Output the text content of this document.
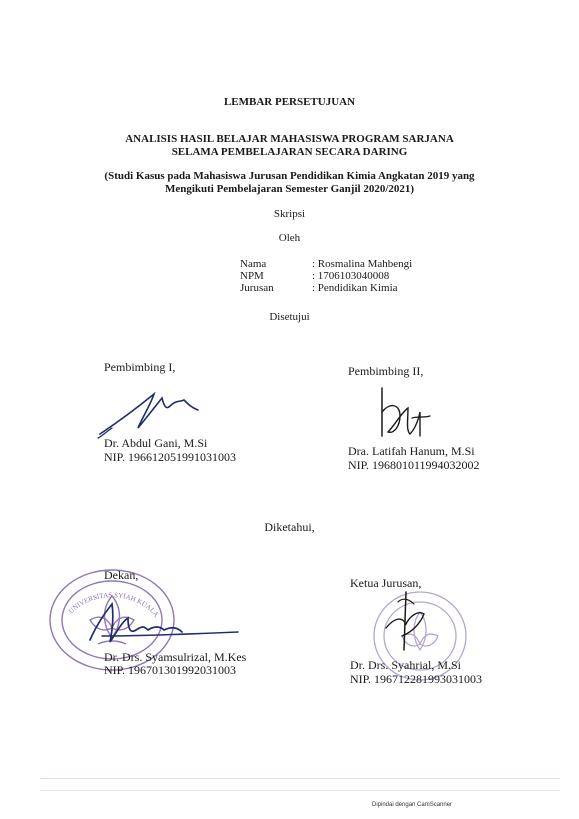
LEMBAR PERSETUJUAN
ANALISIS HASIL BELAJAR MAHASISWA PROGRAM SARJANA
SELAMA PEMBELAJARAN SECARA DARING
(Studi Kasus pada Mahasiswa Jurusan Pendidikan Kimia Angkatan 2019 yang
Mengikuti Pembelajaran Semester Ganjil 2020/2021)
Skripsi
Oleh
Nama	: Rosmalina Mahbengi
NPM	: 1706103040008
Jurusan	: Pendidikan Kimia
Disetujui
Pembimbing I,
Dr. Abdul Gani, M.Si
NIP. 196612051991031003
Pembimbing II,
Dra. Latifah Hanum, M.Si
NIP. 196801011994032002
Diketahui,
UNIVERSITAS SYIAH KUALA
Dekan,
Dr. Drs. Syamsulrizal, M.Kes
NIP. 196701301992031003
Ketua Jurusan,
Dr. Drs. Syahrial, M.Si
NIP. 196712281993031003
Dipindai dengan CamScanner
